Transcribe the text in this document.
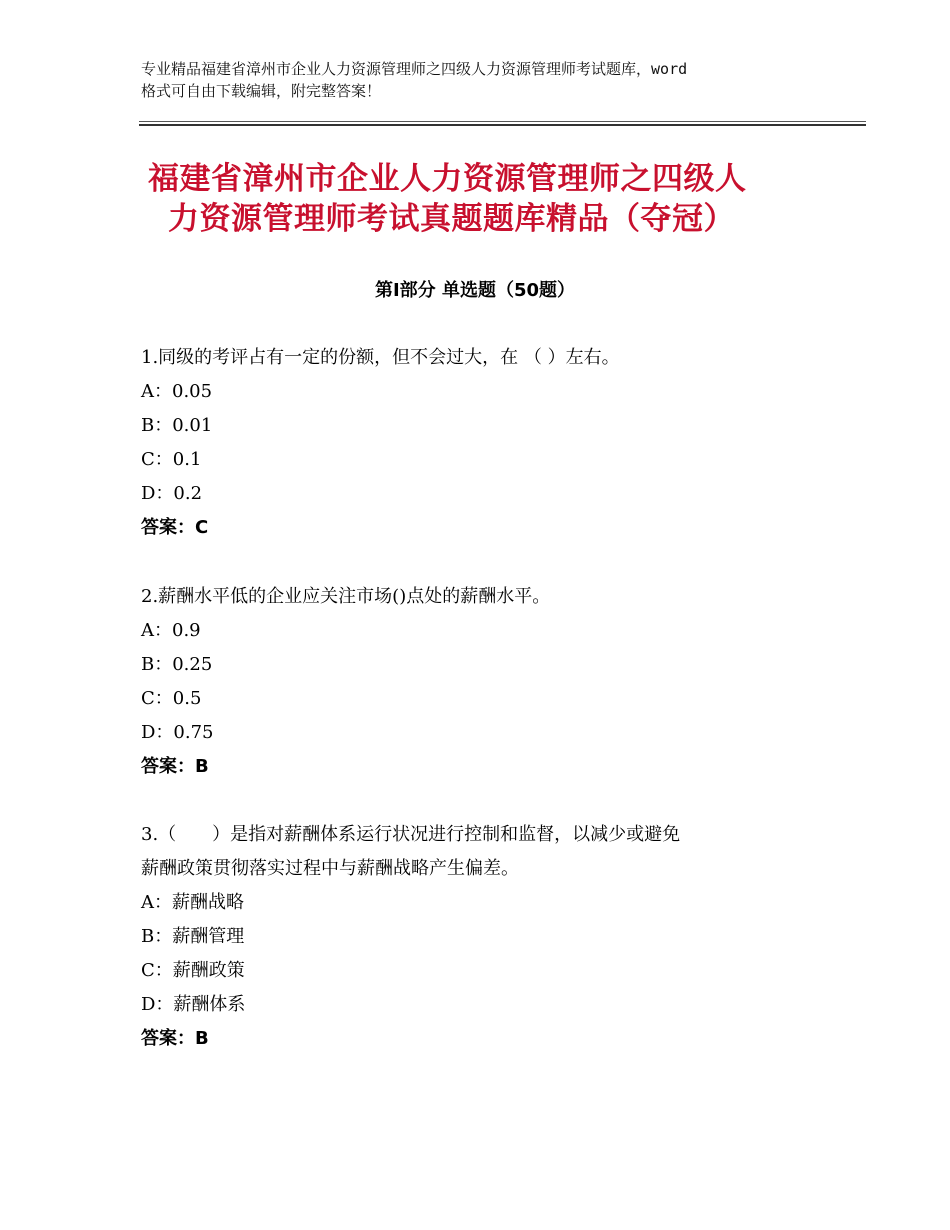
专业精品福建省漳州市企业人力资源管理师之四级人力资源管理师考试题库，word
格式可自由下载编辑，附完整答案！
福建省漳州市企业人力资源管理师之四级人
力资源管理师考试真题题库精品（夺冠）
第Ⅰ部分 单选题（50题）
1.同级的考评占有一定的份额，但不会过大，在 （ ）左右。
A：0.05
B：0.01
C：0.1
D：0.2
答案：C
2.薪酬水平低的企业应关注市场()点处的薪酬水平。
A：0.9
B：0.25
C：0.5
D：0.75
答案：B
3.（　　）是指对薪酬体系运行状况进行控制和监督，以减少或避免
薪酬政策贯彻落实过程中与薪酬战略产生偏差。
A：薪酬战略
B：薪酬管理
C：薪酬政策
D：薪酬体系
答案：B
